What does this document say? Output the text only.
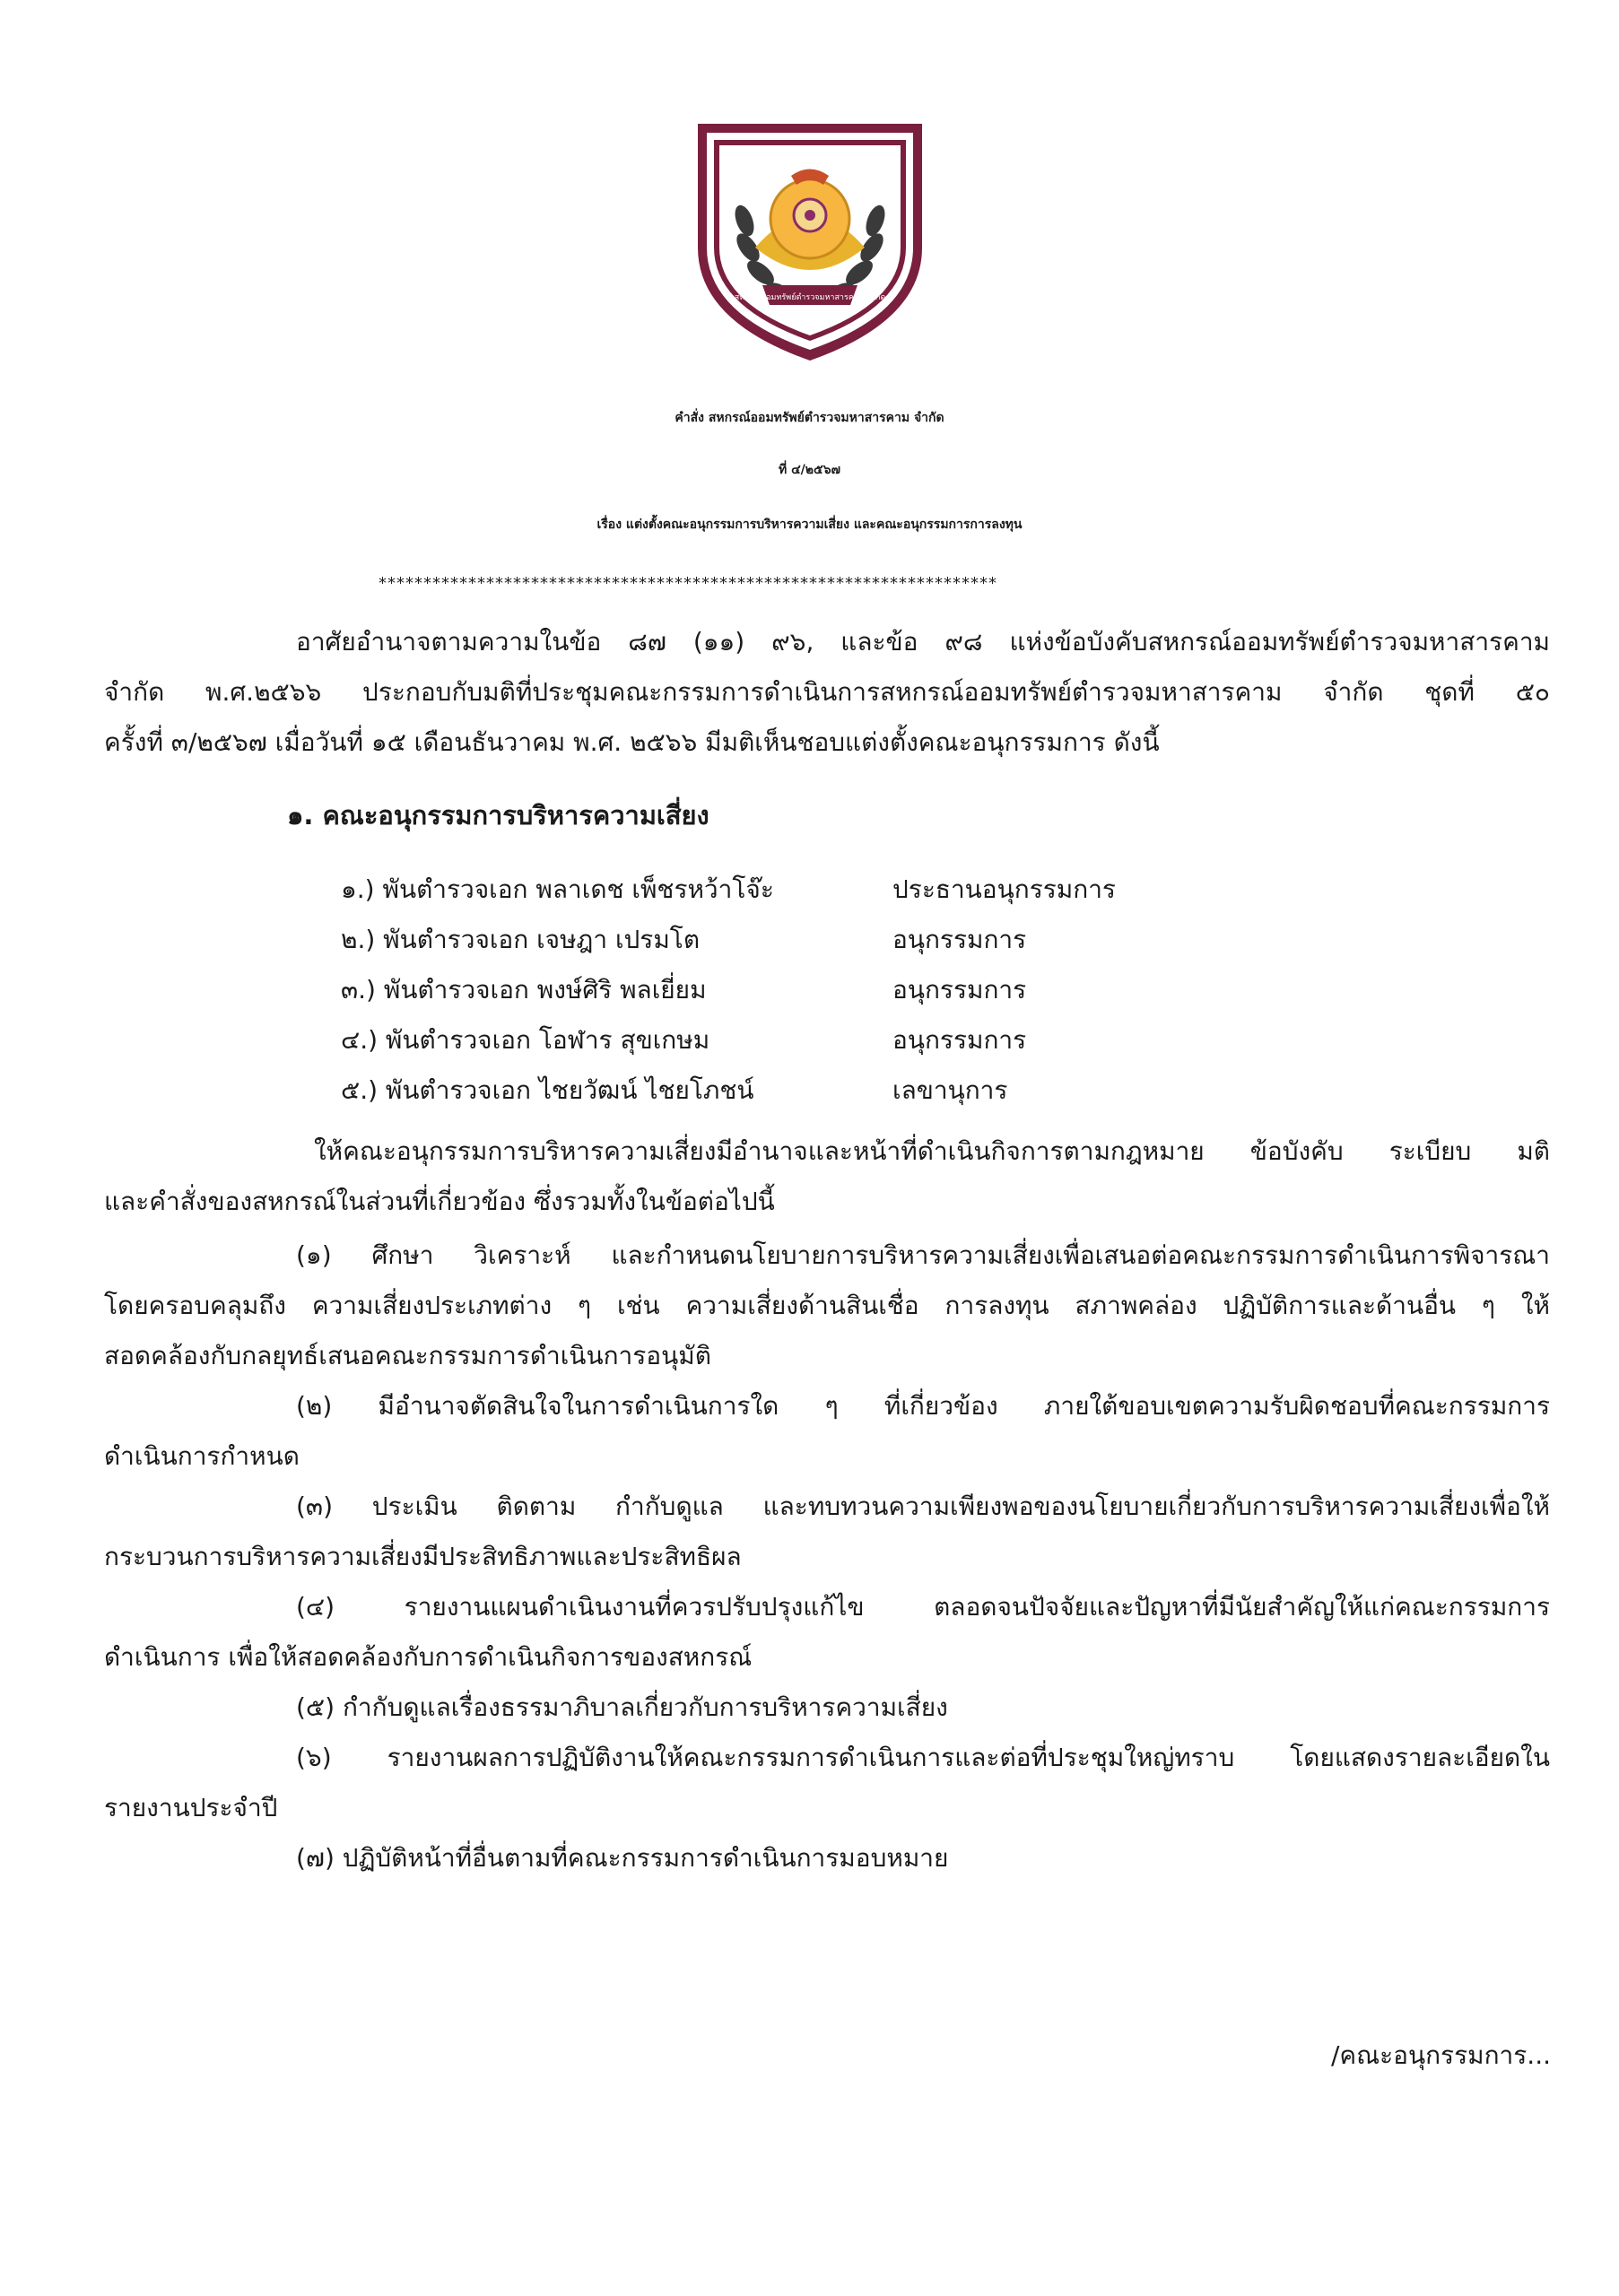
สหกรณ์ออมทรัพย์ตำรวจมหาสารคาม จำกัด
คำสั่ง สหกรณ์ออมทรัพย์ตำรวจมหาสารคาม จำกัด
ที่ ๔/๒๕๖๗
เรื่อง แต่งตั้งคณะอนุกรรมการบริหารความเสี่ยง และคณะอนุกรรมการการลงทุน
*********************************************************************
อาศัยอำนาจตามความในข้อ ๘๗ (๑๑) ๙๖, และข้อ ๙๘ แห่งข้อบังคับสหกรณ์ออมทรัพย์ตำรวจมหาสารคาม
จำกัด พ.ศ.๒๕๖๖ ประกอบกับมติที่ประชุมคณะกรรมการดำเนินการสหกรณ์ออมทรัพย์ตำรวจมหาสารคาม จำกัด ชุดที่ ๕๐
ครั้งที่ ๓/๒๕๖๗ เมื่อวันที่ ๑๕ เดือนธันวาคม พ.ศ. ๒๕๖๖ มีมติเห็นชอบแต่งตั้งคณะอนุกรรมการ ดังนี้
๑. คณะอนุกรรมการบริหารความเสี่ยง
๑.) พันตำรวจเอก พลาเดช เพ็ชรหว้าโจ๊ะ	ประธานอนุกรรมการ
๒.) พันตำรวจเอก เจษฎา เปรมโต	อนุกรรมการ
๓.) พันตำรวจเอก พงษ์ศิริ พลเยี่ยม	อนุกรรมการ
๔.) พันตำรวจเอก โอฬาร สุขเกษม	อนุกรรมการ
๕.) พันตำรวจเอก ไชยวัฒน์ ไชยโภชน์	เลขานุการ
ให้คณะอนุกรรมการบริหารความเสี่ยงมีอำนาจและหน้าที่ดำเนินกิจการตามกฎหมาย ข้อบังคับ ระเบียบ มติ
และคำสั่งของสหกรณ์ในส่วนที่เกี่ยวข้อง ซึ่งรวมทั้งในข้อต่อไปนี้
(๑) ศึกษา วิเคราะห์ และกำหนดนโยบายการบริหารความเสี่ยงเพื่อเสนอต่อคณะกรรมการดำเนินการพิจารณา
โดยครอบคลุมถึง ความเสี่ยงประเภทต่าง ๆ เช่น ความเสี่ยงด้านสินเชื่อ การลงทุน สภาพคล่อง ปฏิบัติการและด้านอื่น ๆ ให้
สอดคล้องกับกลยุทธ์เสนอคณะกรรมการดำเนินการอนุมัติ
(๒) มีอำนาจตัดสินใจในการดำเนินการใด ๆ ที่เกี่ยวข้อง ภายใต้ขอบเขตความรับผิดชอบที่คณะกรรมการ
ดำเนินการกำหนด
(๓) ประเมิน ติดตาม กำกับดูแล และทบทวนความเพียงพอของนโยบายเกี่ยวกับการบริหารความเสี่ยงเพื่อให้
กระบวนการบริหารความเสี่ยงมีประสิทธิภาพและประสิทธิผล
(๔) รายงานแผนดำเนินงานที่ควรปรับปรุงแก้ไข ตลอดจนปัจจัยและปัญหาที่มีนัยสำคัญให้แก่คณะกรรมการ
ดำเนินการ เพื่อให้สอดคล้องกับการดำเนินกิจการของสหกรณ์
(๕) กำกับดูแลเรื่องธรรมาภิบาลเกี่ยวกับการบริหารความเสี่ยง
(๖) รายงานผลการปฏิบัติงานให้คณะกรรมการดำเนินการและต่อที่ประชุมใหญ่ทราบ โดยแสดงรายละเอียดใน
รายงานประจำปี
(๗) ปฏิบัติหน้าที่อื่นตามที่คณะกรรมการดำเนินการมอบหมาย
/คณะอนุกรรมการ...
